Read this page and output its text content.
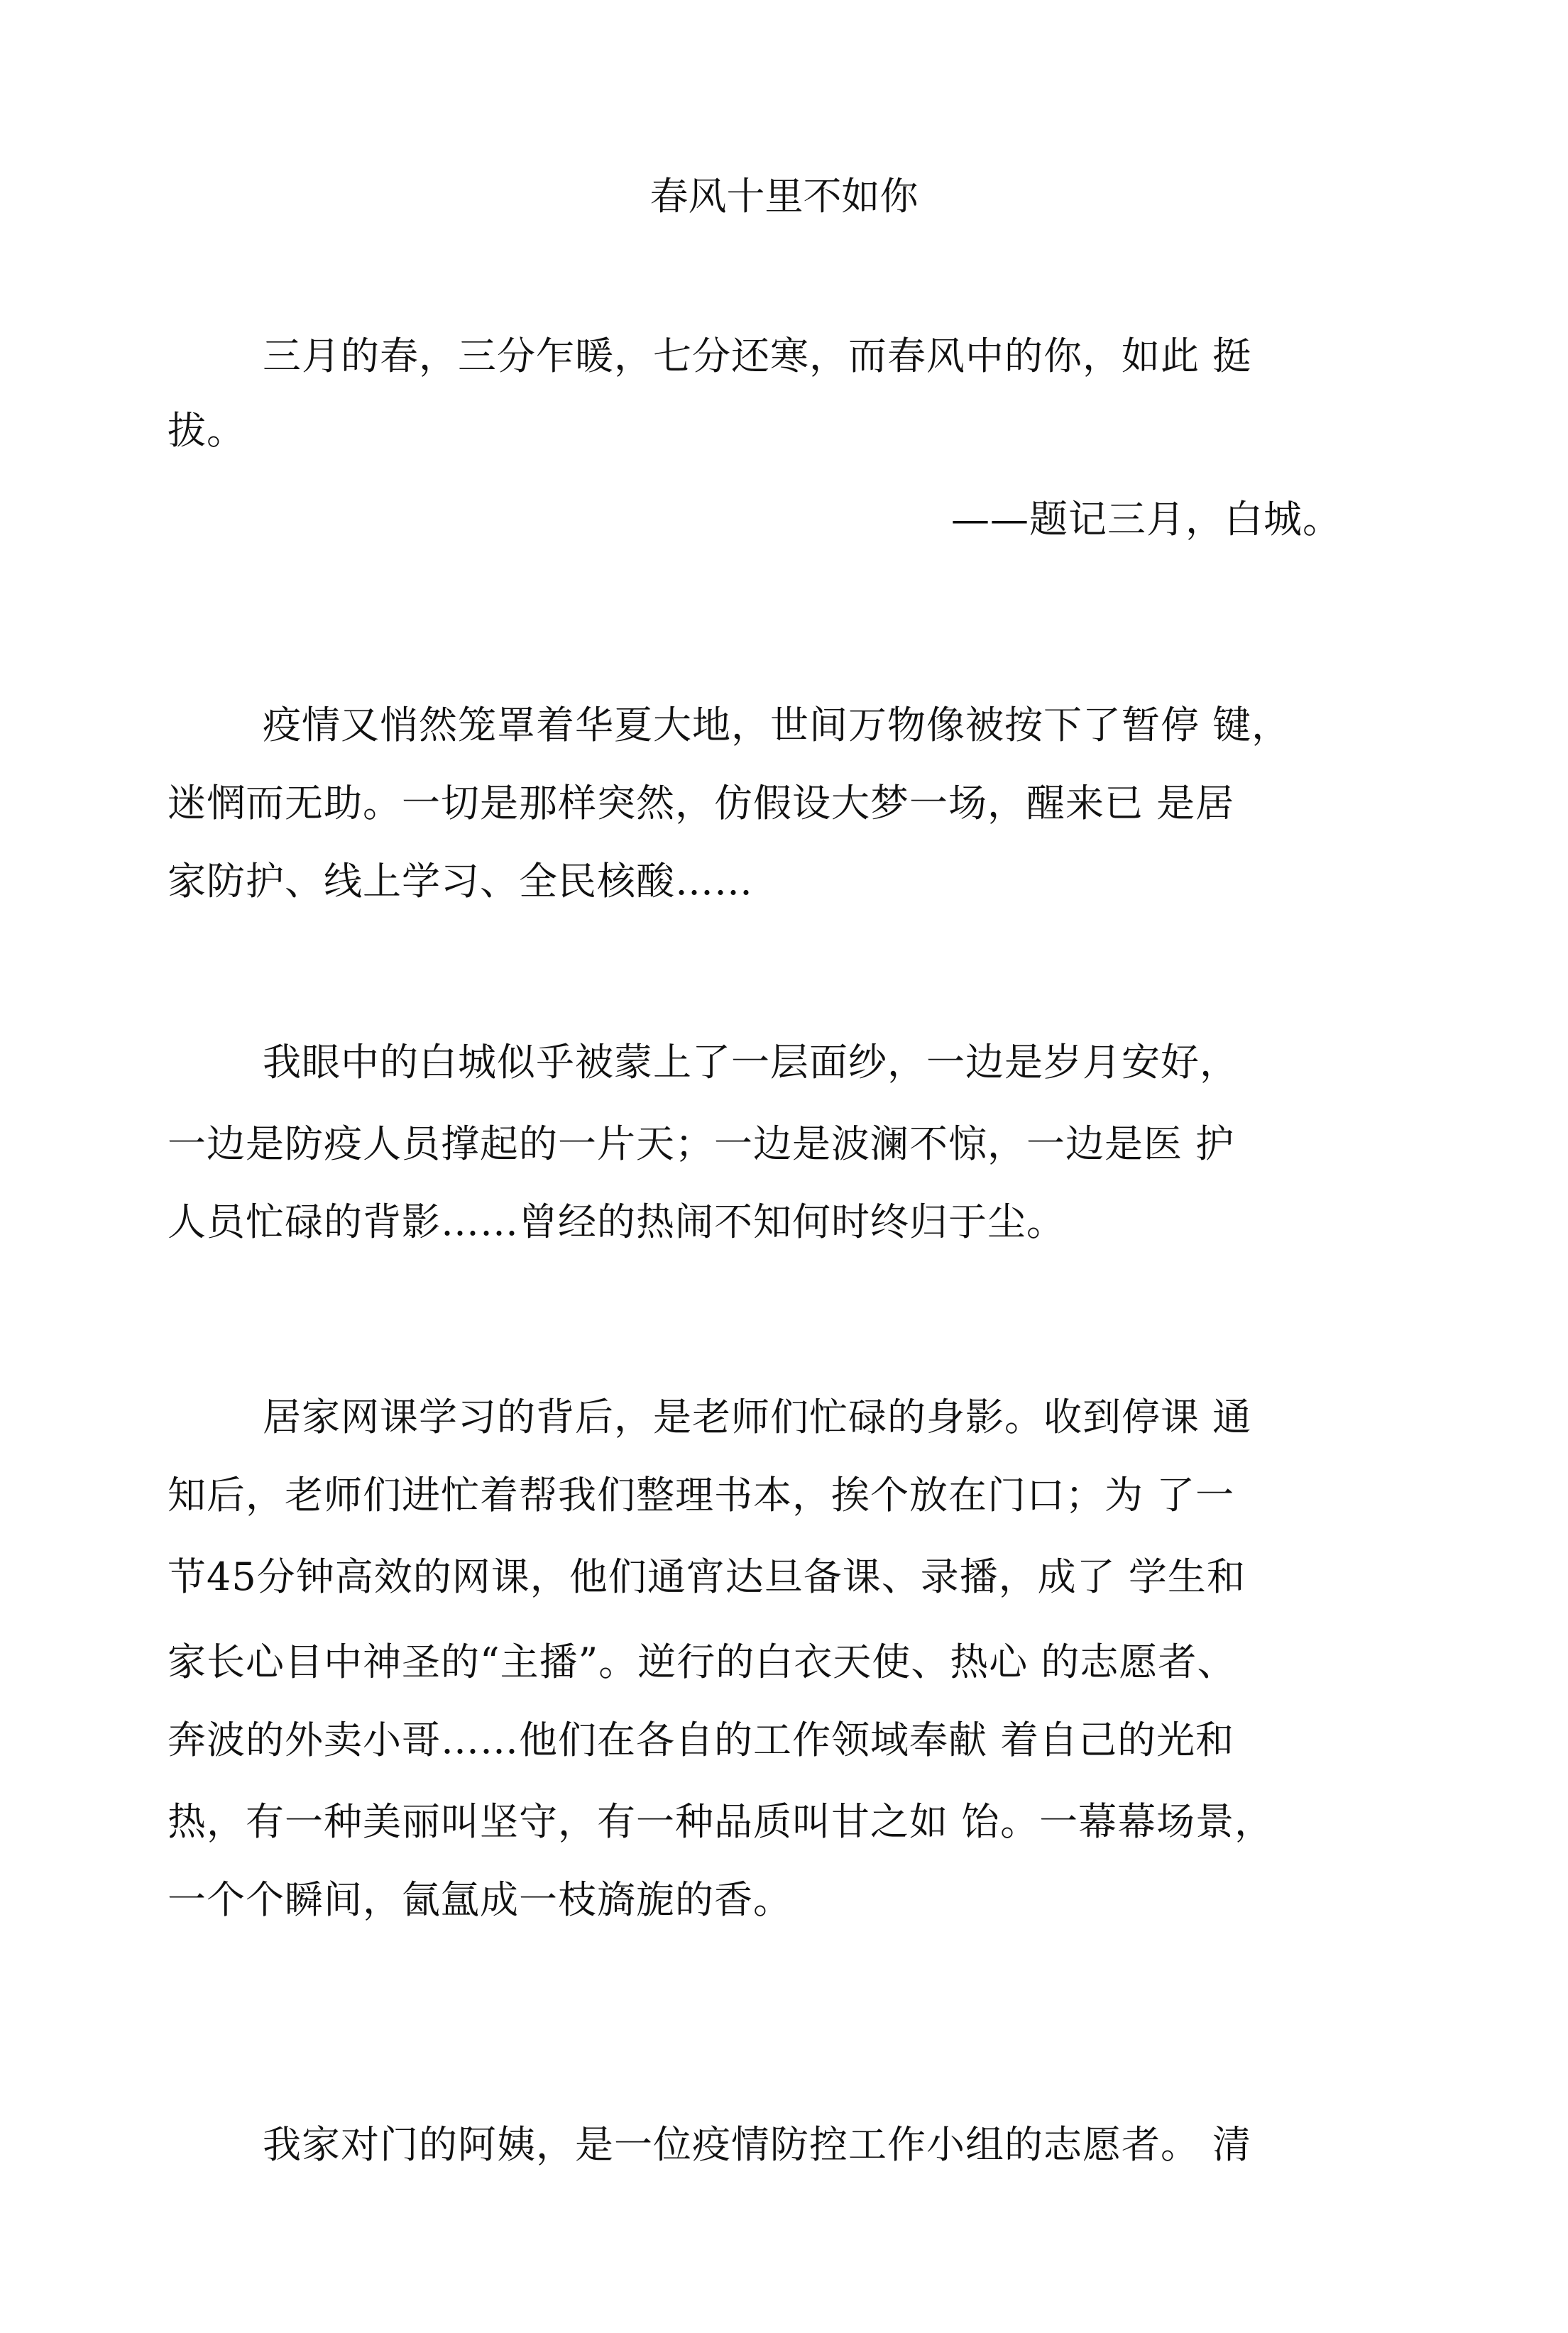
春风十里不如你
三月的春，三分乍暖，七分还寒，而春风中的你，如此 挺
拔。
——题记三月，白城。
疫情又悄然笼罩着华夏大地，世间万物像被按下了暂停 键，
迷惘而无助。一切是那样突然，仿假设大梦一场，醒来已 是居
家防护、线上学习、全民核酸……
我眼中的白城似乎被蒙上了一层面纱，一边是岁月安好，
一边是防疫人员撑起的一片天；一边是波澜不惊，一边是医 护
人员忙碌的背影……曾经的热闹不知何时终归于尘。
居家网课学习的背后，是老师们忙碌的身影。收到停课 通
知后，老师们进忙着帮我们整理书本，挨个放在门口；为 了一
节45分钟高效的网课，他们通宵达旦备课、录播，成了 学生和
家长心目中神圣的“主播”。逆行的白衣天使、热心 的志愿者、
奔波的外卖小哥……他们在各自的工作领域奉献 着自己的光和
热，有一种美丽叫坚守，有一种品质叫甘之如 饴。一幕幕场景，
一个个瞬间，氤氲成一枝旖旎的香。
我家对门的阿姨，是一位疫情防控工作小组的志愿者。 清
